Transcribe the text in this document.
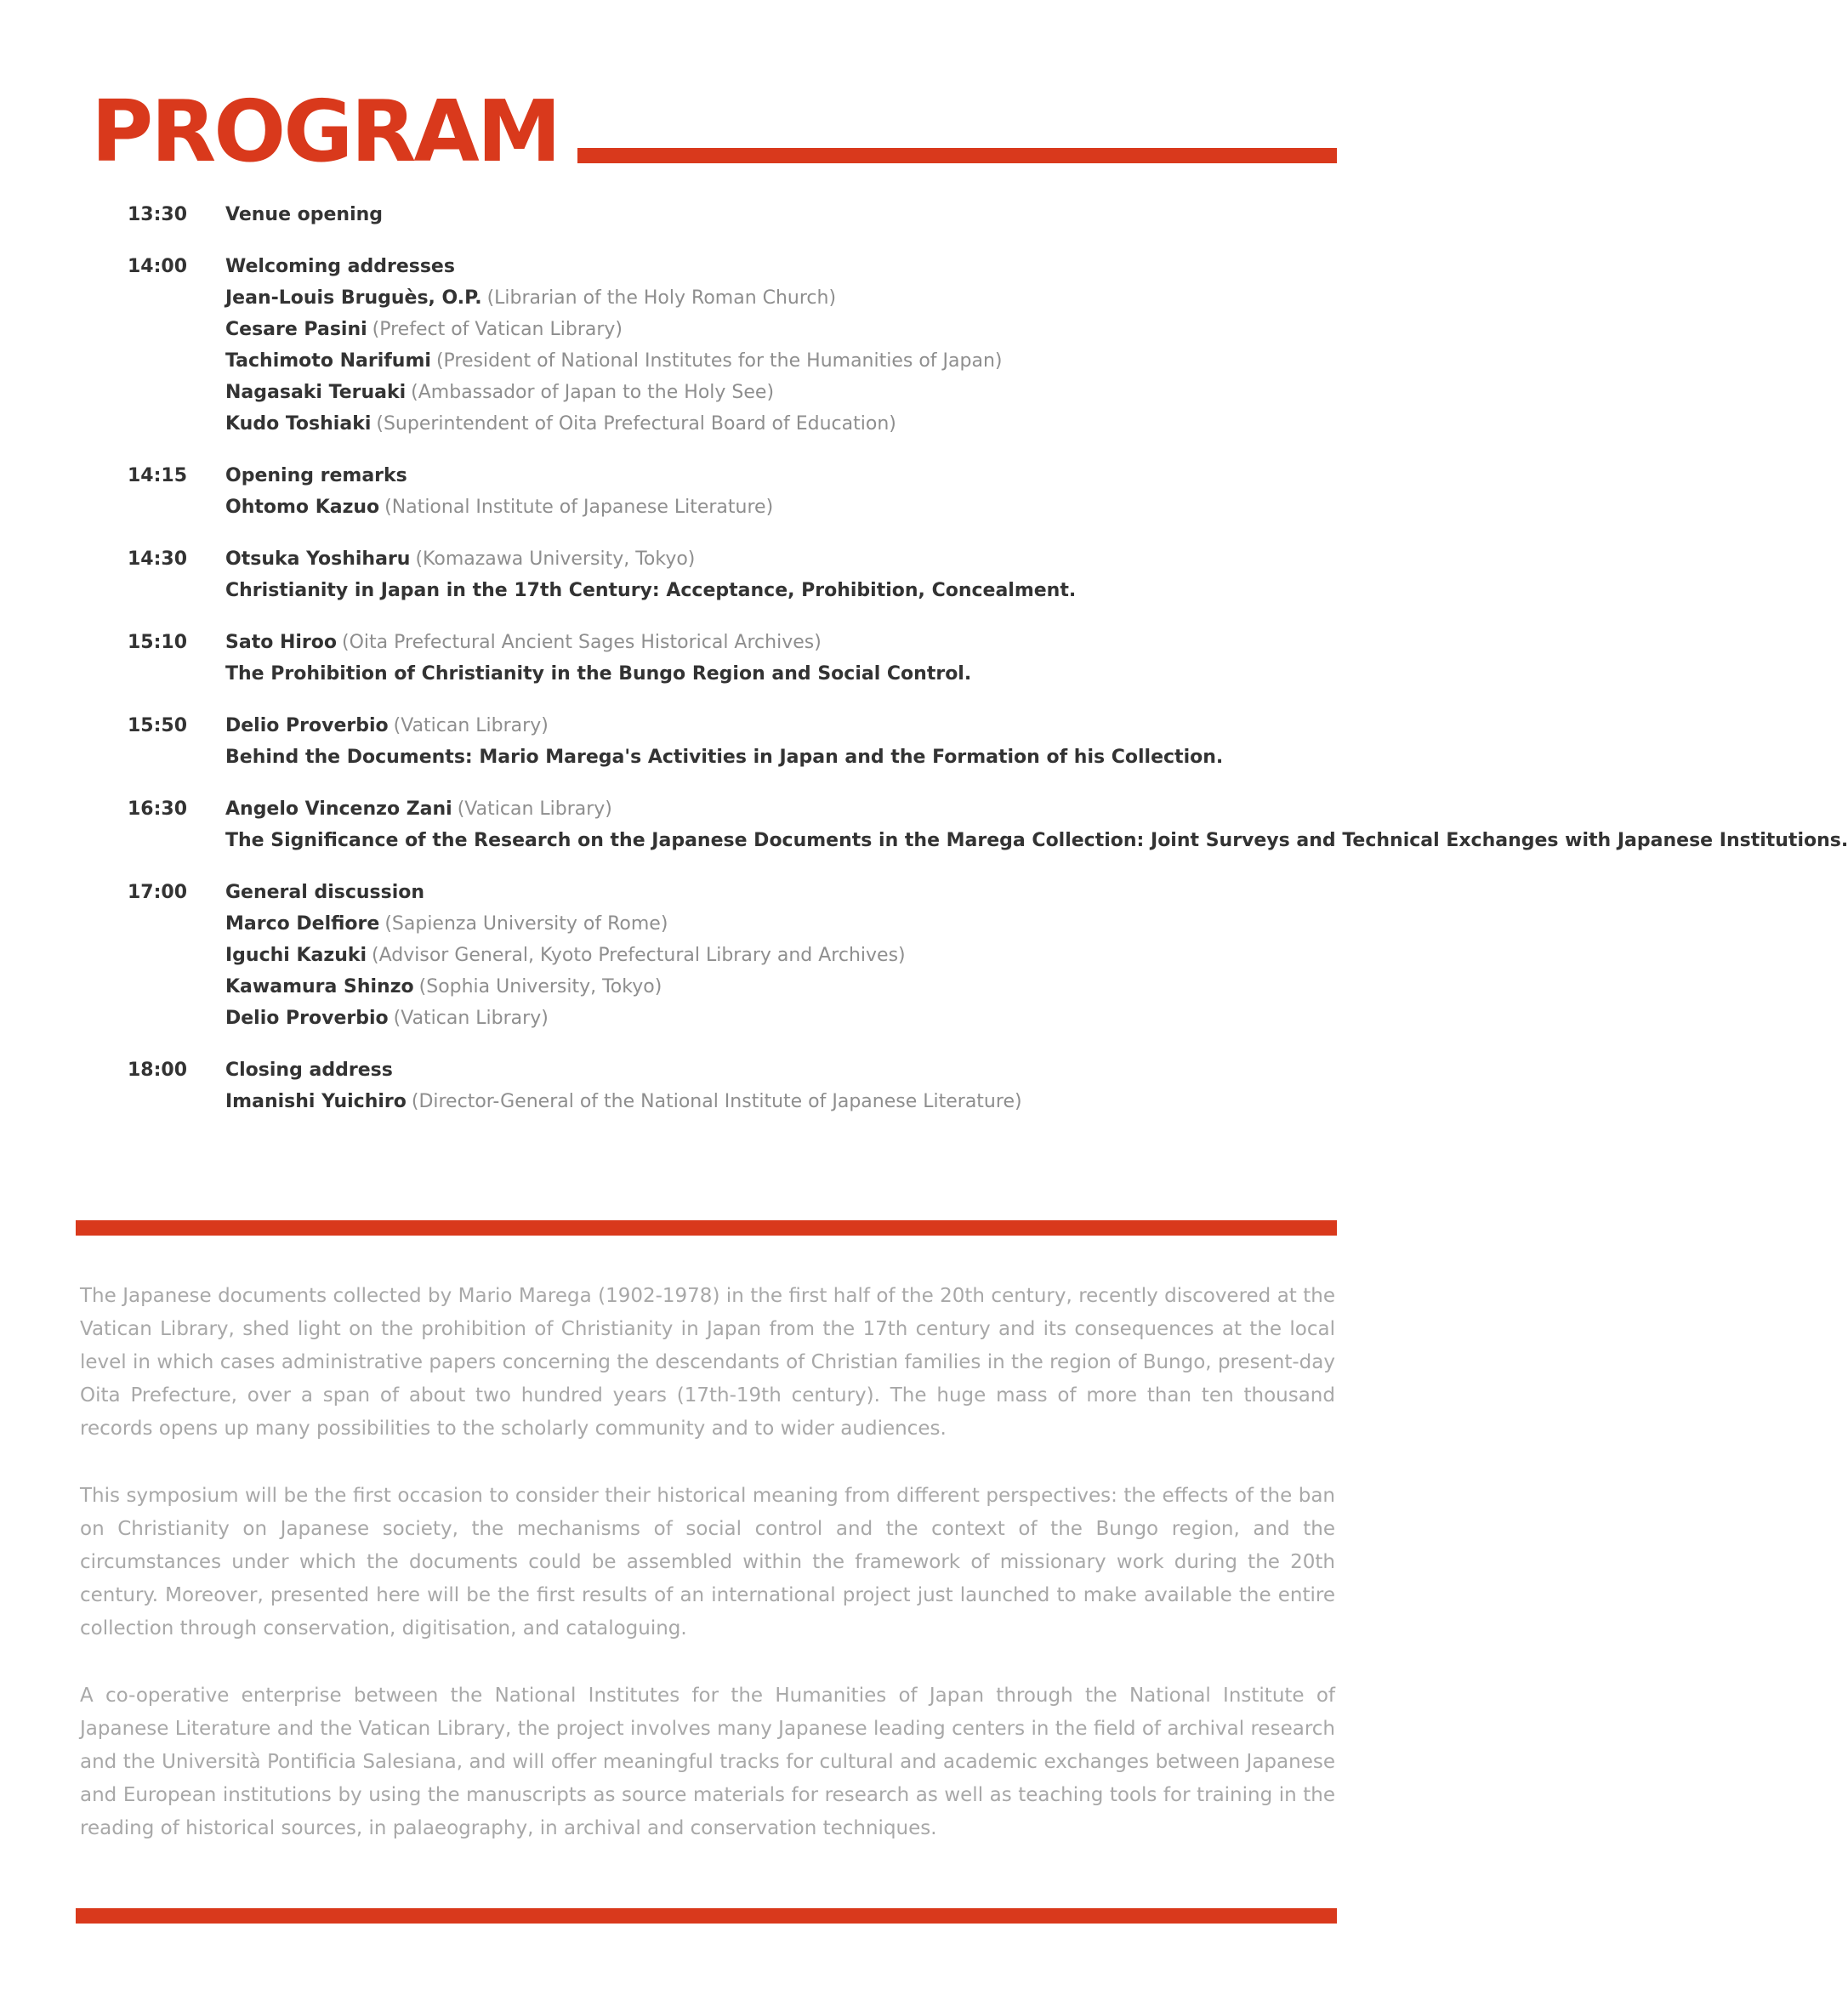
PROGRAM
13:30	Venue opening
14:00	Welcoming addresses
Jean-Louis Bruguès, O.P. (Librarian of the Holy Roman Church)
Cesare Pasini (Prefect of Vatican Library)
Tachimoto Narifumi (President of National Institutes for the Humanities of Japan)
Nagasaki Teruaki (Ambassador of Japan to the Holy See)
Kudo Toshiaki (Superintendent of Oita Prefectural Board of Education)
14:15	Opening remarks
Ohtomo Kazuo (National Institute of Japanese Literature)
14:30	Otsuka Yoshiharu (Komazawa University, Tokyo)
Christianity in Japan in the 17th Century: Acceptance, Prohibition, Concealment.
15:10	Sato Hiroo (Oita Prefectural Ancient Sages Historical Archives)
The Prohibition of Christianity in the Bungo Region and Social Control.
15:50	Delio Proverbio (Vatican Library)
Behind the Documents: Mario Marega's Activities in Japan and the Formation of his Collection.
16:30	Angelo Vincenzo Zani (Vatican Library)
The Significance of the Research on the Japanese Documents in the Marega Collection: Joint Surveys and Technical Exchanges with Japanese Institutions.
17:00	General discussion
Marco Delfiore (Sapienza University of Rome)
Iguchi Kazuki (Advisor General, Kyoto Prefectural Library and Archives)
Kawamura Shinzo (Sophia University, Tokyo)
Delio Proverbio (Vatican Library)
18:00	Closing address
Imanishi Yuichiro (Director-General of the National Institute of Japanese Literature)

The Japanese documents collected by Mario Marega (1902-1978) in the first half of the 20th century, recently discovered at the Vatican Library, shed light on the prohibition of Christianity in Japan from the 17th century and its consequences at the local level in which cases administrative papers concerning the descendants of Christian families in the region of Bungo, present-day Oita Prefecture, over a span of about two hundred years (17th-19th century). The huge mass of more than ten thousand records opens up many possibilities to the scholarly community and to wider audiences.

This symposium will be the first occasion to consider their historical meaning from different perspectives: the effects of the ban on Christianity on Japanese society, the mechanisms of social control and the context of the Bungo region, and the circumstances under which the documents could be assembled within the framework of missionary work during the 20th century. Moreover, presented here will be the first results of an international project just launched to make available the entire collection through conservation, digitisation, and cataloguing.

A co-operative enterprise between the National Institutes for the Humanities of Japan through the National Institute of Japanese Literature and the Vatican Library, the project involves many Japanese leading centers in the field of archival research and the Università Pontificia Salesiana, and will offer meaningful tracks for cultural and academic exchanges between Japanese and European institutions by using the manuscripts as source materials for research as well as teaching tools for training in the reading of historical sources, in palaeography, in archival and conservation techniques.
